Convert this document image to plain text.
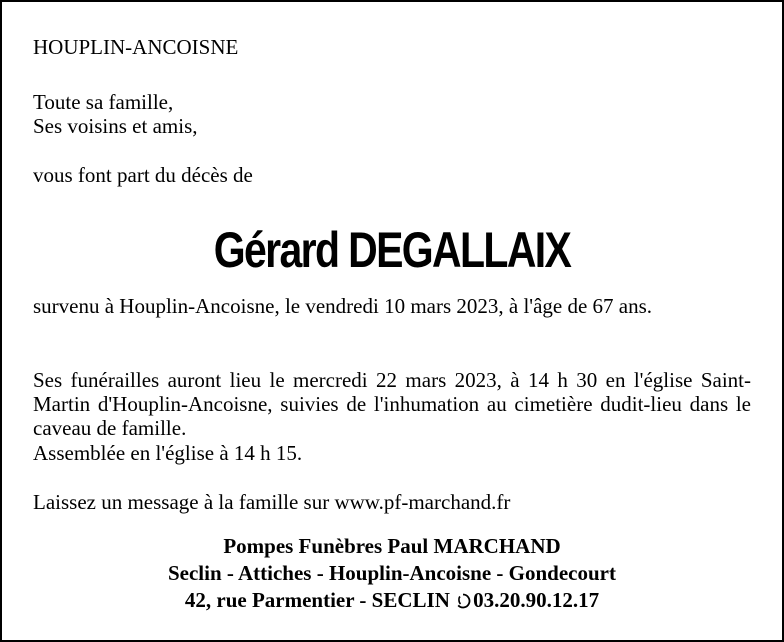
HOUPLIN-ANCOISNE
Toute sa famille,
Ses voisins et amis,
vous font part du décès de
Gérard DEGALLAIX
survenu à Houplin-Ancoisne, le vendredi 10 mars 2023, à l'âge de 67 ans.
Ses funérailles auront lieu le mercredi 22 mars 2023, à 14 h 30 en l'église Saint-Martin d'Houplin-Ancoisne, suivies de l'inhumation au cimetière dudit-lieu dans le caveau de famille.
Assemblée en l'église à 14 h 15.
Laissez un message à la famille sur www.pf-marchand.fr
Pompes Funèbres Paul MARCHAND
Seclin - Attiches - Houplin-Ancoisne - Gondecourt
42, rue Parmentier - SECLIN 03.20.90.12.17
